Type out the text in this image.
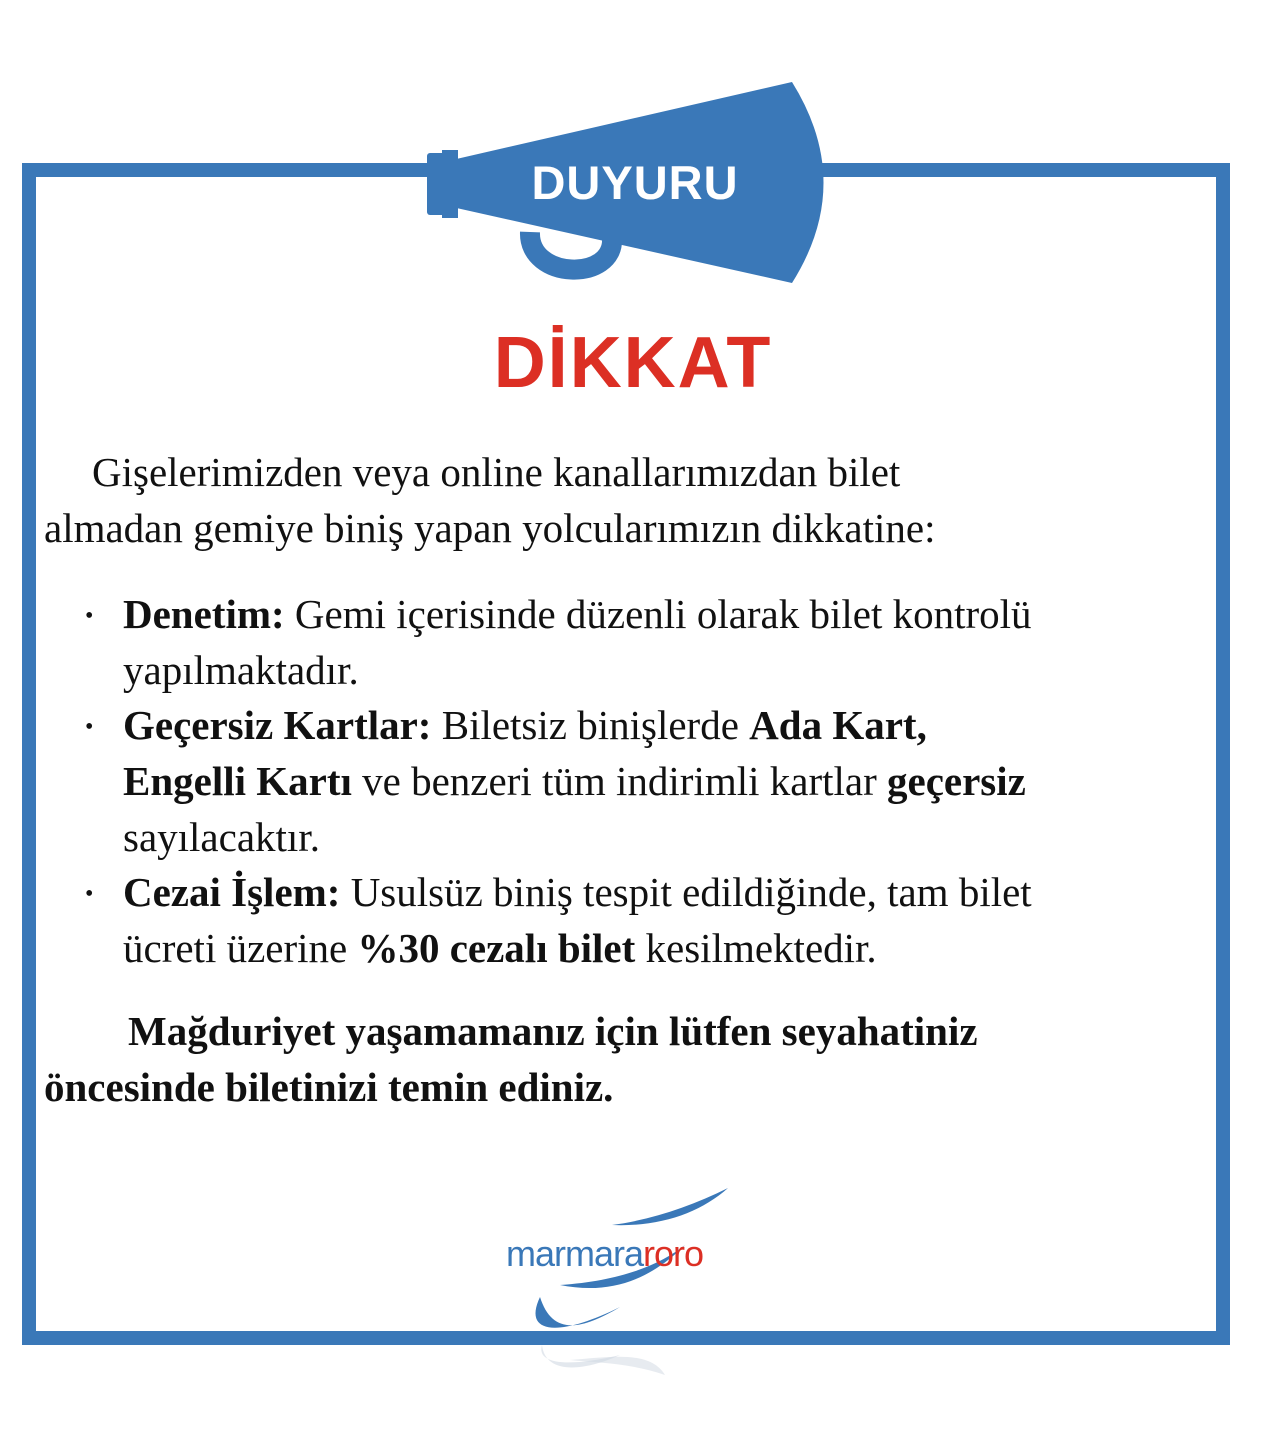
DUYURU
DİKKAT
Gişelerimizden veya online kanallarımızdan bilet
almadan gemiye biniş yapan yolcularımızın dikkatine:
• Denetim: Gemi içerisinde düzenli olarak bilet kontrolü
yapılmaktadır.
• Geçersiz Kartlar: Biletsiz binişlerde Ada Kart,
Engelli Kartı ve benzeri tüm indirimli kartlar geçersiz
sayılacaktır.
• Cezai İşlem: Usulsüz biniş tespit edildiğinde, tam bilet
ücreti üzerine %30 cezalı bilet kesilmektedir.
Mağduriyet yaşamamanız için lütfen seyahatiniz
öncesinde biletinizi temin ediniz.
marmararoro
